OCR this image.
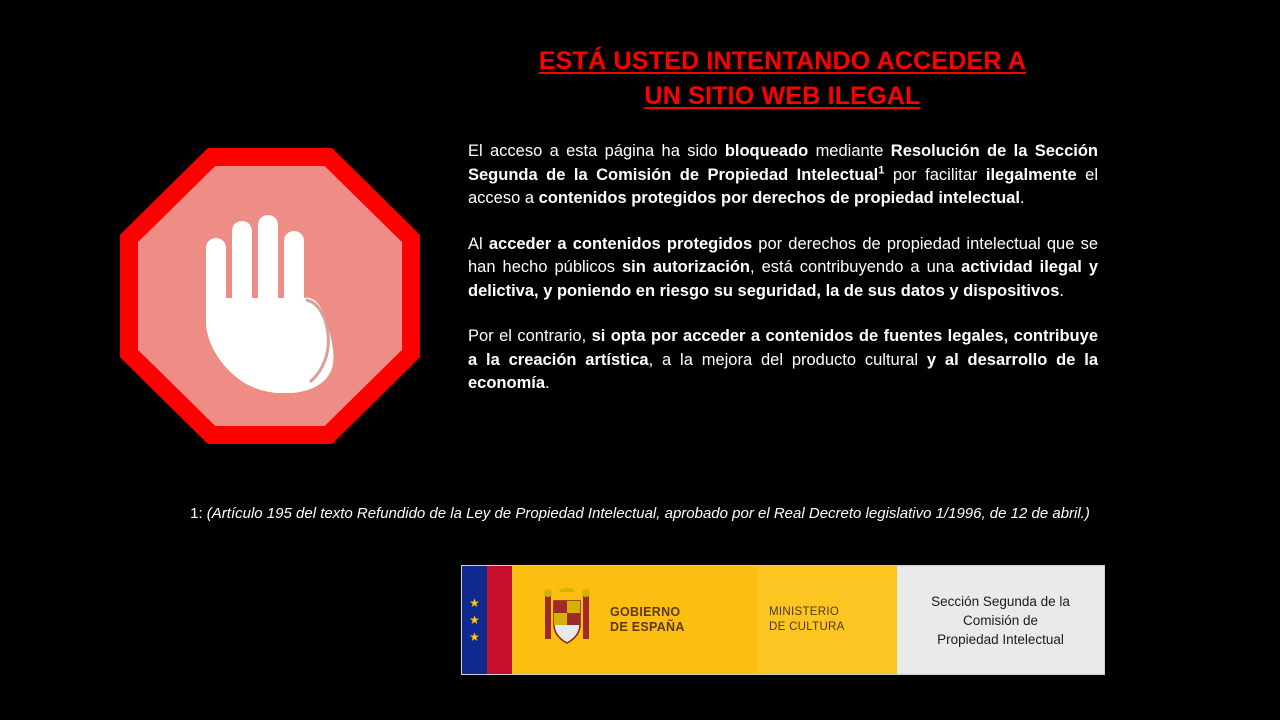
ESTÁ USTED INTENTANDO ACCEDER A
UN SITIO WEB ILEGAL

El acceso a esta página ha sido bloqueado mediante Resolución de la Sección Segunda de la Comisión de Propiedad Intelectual$^1$ por facilitar ilegalmente el acceso a contenidos protegidos por derechos de propiedad intelectual.

Al acceder a contenidos protegidos por derechos de propiedad intelectual que se han hecho públicos sin autorización, está contribuyendo a una actividad ilegal y delictiva, y poniendo en riesgo su seguridad, la de sus datos y dispositivos.

Por el contrario, si opta por acceder a contenidos de fuentes legales, contribuye a la creación artística, a la mejora del producto cultural y al desarrollo de la economía.

1: (Artículo 195 del texto Refundido de la Ley de Propiedad Intelectual, aprobado por el Real Decreto legislativo 1/1996, de 12 de abril.)
★
★
★
GOBIERNO
DE ESPAÑA
MINISTERIO
DE CULTURA
Sección Segunda de la Comisión de
Propiedad Intelectual
